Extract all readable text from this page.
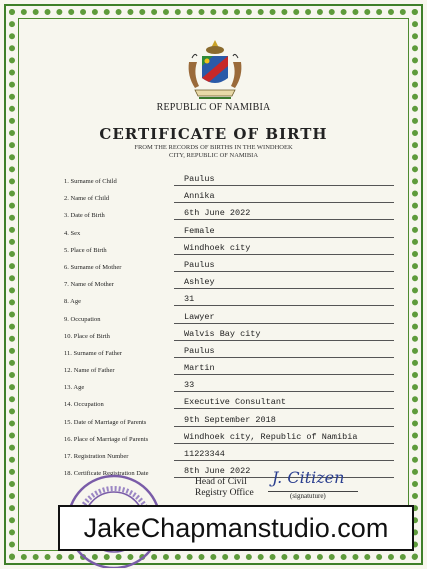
REPUBLIC OF NAMIBIA
CERTIFICATE OF BIRTH
FROM THE RECORDS OF BIRTHS IN THE WINDHOEK CITY, REPUBLIC OF NAMIBIA
1. Surname of Child	Paulus
2. Name of Child	Annika
3. Date of Birth	6th June 2022
4. Sex	Female
5. Place of Birth	Windhoek city
6. Surname of Mother	Paulus
7. Name of Mother	Ashley
8. Age	31
9. Occupation	Lawyer
10. Place of Birth	Walvis Bay city
11. Surname of Father	Paulus
12. Name of Father	Martin
13. Age	33
14. Occupation	Executive Consultant
15. Date of Marriage of Parents	9th September 2018
16. Place of Marriage of Parents	Windhoek city, Republic of Namibia
17. Registration Number	11223344
18. Certificate Registration Date	8th June 2022
Head of Civil
Registry Office
J. Citizen
(signatuture)
JakeChapmanstudio.com
